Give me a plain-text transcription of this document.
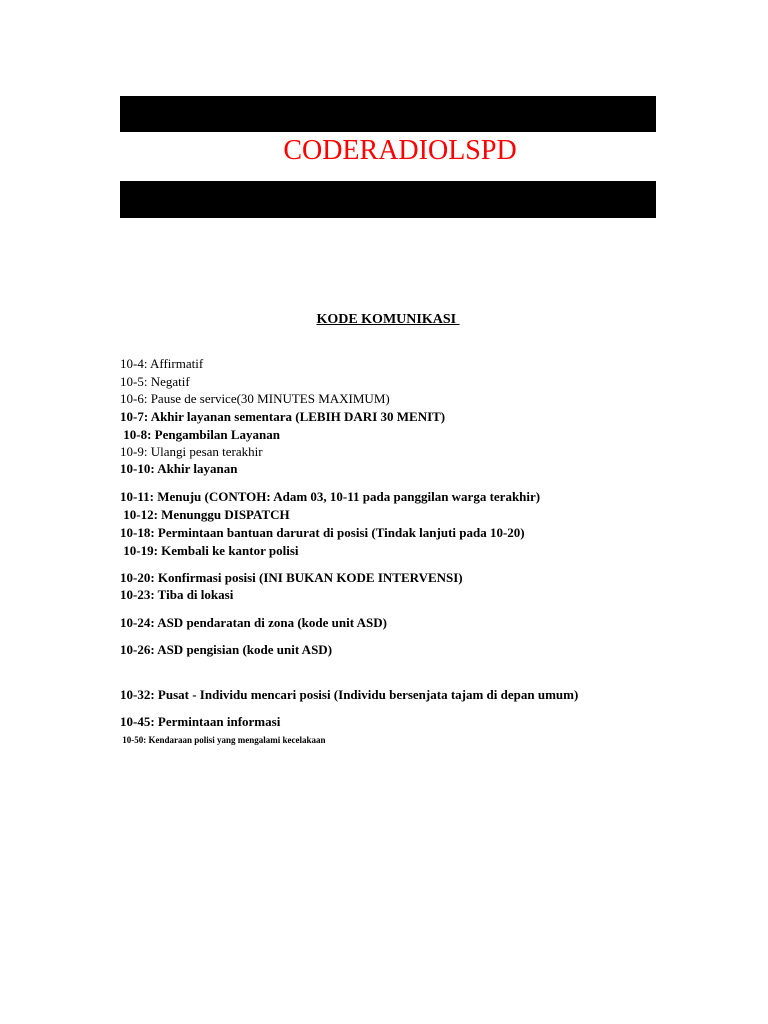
CODERADIOLSPD
KODE KOMUNIKASI
10-4: Affirmatif
10-5: Negatif
10-6: Pause de service(30 MINUTES MAXIMUM)
10-7: Akhir layanan sementara (LEBIH DARI 30 MENIT)
10-8: Pengambilan Layanan
10-9: Ulangi pesan terakhir
10-10: Akhir layanan
10-11: Menuju (CONTOH: Adam 03, 10-11 pada panggilan warga terakhir)
10-12: Menunggu DISPATCH
10-18: Permintaan bantuan darurat di posisi (Tindak lanjuti pada 10-20)
10-19: Kembali ke kantor polisi
10-20: Konfirmasi posisi (INI BUKAN KODE INTERVENSI)
10-23: Tiba di lokasi
10-24: ASD pendaratan di zona (kode unit ASD)
10-26: ASD pengisian (kode unit ASD)
10-32: Pusat - Individu mencari posisi (Individu bersenjata tajam di depan umum)
10-45: Permintaan informasi
10-50: Kendaraan polisi yang mengalami kecelakaan
